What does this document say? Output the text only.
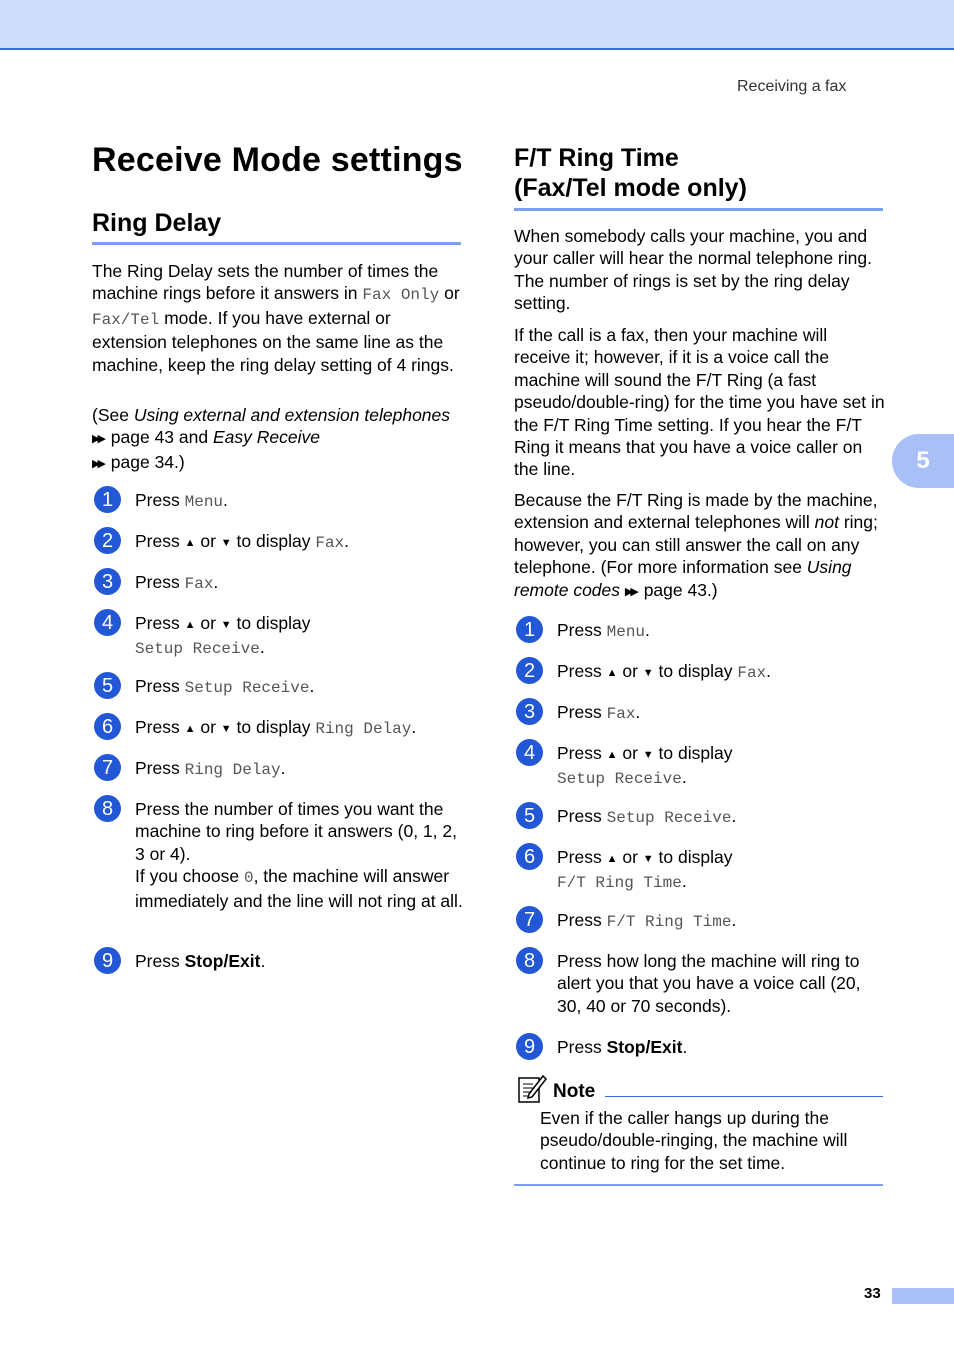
Receiving a fax
5
Receive Mode settings
Ring Delay
The Ring Delay sets the number of times the machine rings before it answers in Fax Only or Fax/Tel mode. If you have external or extension telephones on the same line as the machine, keep the ring delay setting of 4 rings.
(See Using external and extension telephones ▶▶ page 43 and Easy Receive
▶▶ page 34.)
1	Press Menu.
2	Press ▲ or ▼ to display Fax.
3	Press Fax.
4	Press ▲ or ▼ to display
Setup Receive.
5	Press Setup Receive.
6	Press ▲ or ▼ to display Ring Delay.
7	Press Ring Delay.
8	Press the number of times you want the machine to ring before it answers (0, 1, 2, 3 or 4).
If you choose 0, the machine will answer immediately and the line will not ring at all.
9	Press Stop/Exit.
F/T Ring Time
(Fax/Tel mode only)
When somebody calls your machine, you and your caller will hear the normal telephone ring. The number of rings is set by the ring delay setting.
If the call is a fax, then your machine will receive it; however, if it is a voice call the machine will sound the F/T Ring (a fast pseudo/double-ring) for the time you have set in the F/T Ring Time setting. If you hear the F/T Ring it means that you have a voice caller on the line.
Because the F/T Ring is made by the machine, extension and external telephones will not ring; however, you can still answer the call on any telephone. (For more information see Using remote codes ▶▶ page 43.)
1	Press Menu.
2	Press ▲ or ▼ to display Fax.
3	Press Fax.
4	Press ▲ or ▼ to display
Setup Receive.
5	Press Setup Receive.
6	Press ▲ or ▼ to display
F/T Ring Time.
7	Press F/T Ring Time.
8	Press how long the machine will ring to alert you that you have a voice call (20, 30, 40 or 70 seconds).
9	Press Stop/Exit.
Note
Even if the caller hangs up during the pseudo/double-ringing, the machine will continue to ring for the set time.
33
